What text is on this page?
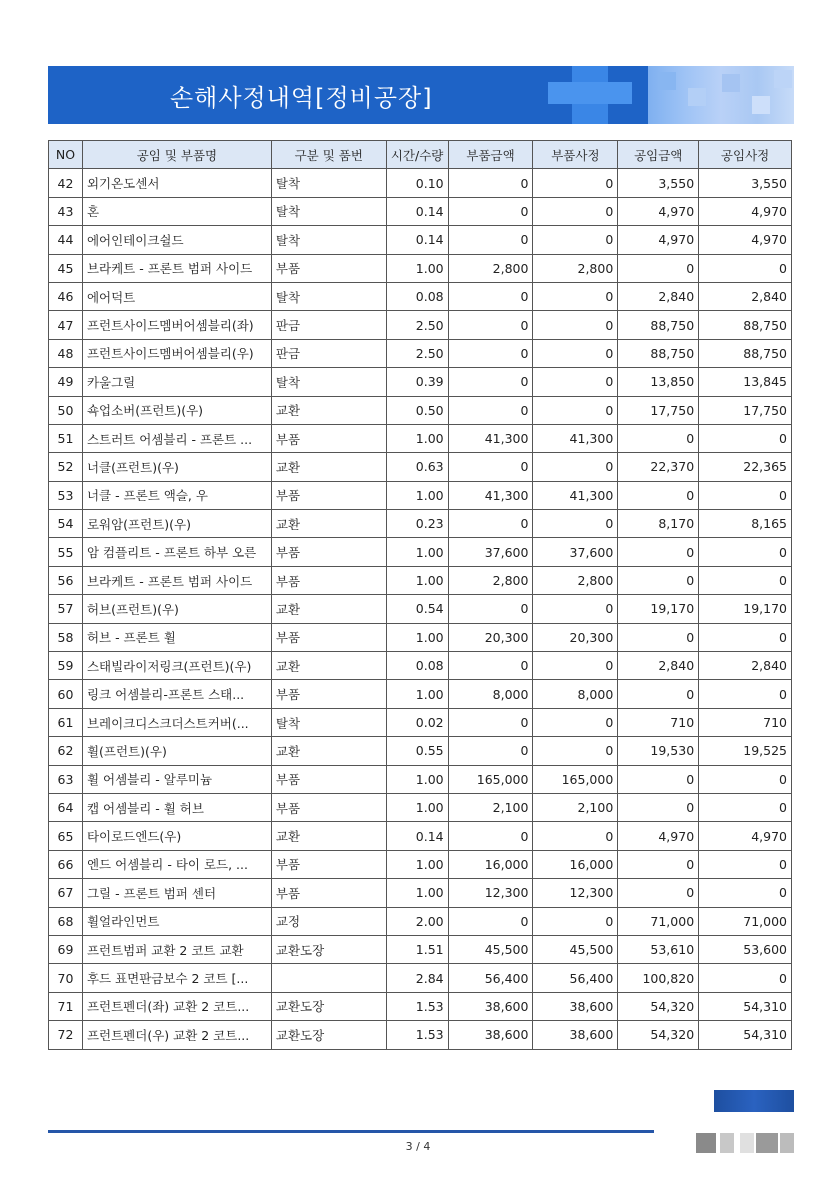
손해사정내역[정비공장]
NO	공임 및 부품명	구분 및 품번	시간/수량	부품금액	부품사정	공임금액	공임사정
42	외기온도센서	탈착	0.10	0	0	3,550	3,550
43	혼	탈착	0.14	0	0	4,970	4,970
44	에어인테이크쉴드	탈착	0.14	0	0	4,970	4,970
45	브라케트 - 프론트 범퍼 사이드	부품	1.00	2,800	2,800	0	0
46	에어덕트	탈착	0.08	0	0	2,840	2,840
47	프런트사이드멤버어셈블리(좌)	판금	2.50	0	0	88,750	88,750
48	프런트사이드멤버어셈블리(우)	판금	2.50	0	0	88,750	88,750
49	카울그릴	탈착	0.39	0	0	13,850	13,845
50	쇽업소버(프런트)(우)	교환	0.50	0	0	17,750	17,750
51	스트러트 어셈블리 - 프론트 ...	부품	1.00	41,300	41,300	0	0
52	너클(프런트)(우)	교환	0.63	0	0	22,370	22,365
53	너클 - 프론트 액슬, 우	부품	1.00	41,300	41,300	0	0
54	로워암(프런트)(우)	교환	0.23	0	0	8,170	8,165
55	암 컴플리트 - 프론트 하부 오른	부품	1.00	37,600	37,600	0	0
56	브라케트 - 프론트 범퍼 사이드	부품	1.00	2,800	2,800	0	0
57	허브(프런트)(우)	교환	0.54	0	0	19,170	19,170
58	허브 - 프론트 휠	부품	1.00	20,300	20,300	0	0
59	스태빌라이저링크(프런트)(우)	교환	0.08	0	0	2,840	2,840
60	링크 어셈블리-프론트 스태...	부품	1.00	8,000	8,000	0	0
61	브레이크디스크더스트커버(...	탈착	0.02	0	0	710	710
62	휠(프런트)(우)	교환	0.55	0	0	19,530	19,525
63	휠 어셈블리 - 알루미늄	부품	1.00	165,000	165,000	0	0
64	캡 어셈블리 - 휠 허브	부품	1.00	2,100	2,100	0	0
65	타이로드엔드(우)	교환	0.14	0	0	4,970	4,970
66	엔드 어셈블리 - 타이 로드, ...	부품	1.00	16,000	16,000	0	0
67	그릴 - 프론트 범퍼 센터	부품	1.00	12,300	12,300	0	0
68	휠얼라인먼트	교정	2.00	0	0	71,000	71,000
69	프런트범퍼 교환 2 코트 교환	교환도장	1.51	45,500	45,500	53,610	53,600
70	후드 표면판금보수 2 코트 [...		2.84	56,400	56,400	100,820	0
71	프런트펜더(좌) 교환 2 코트...	교환도장	1.53	38,600	38,600	54,320	54,310
72	프런트펜더(우) 교환 2 코트...	교환도장	1.53	38,600	38,600	54,320	54,310
3 / 4
